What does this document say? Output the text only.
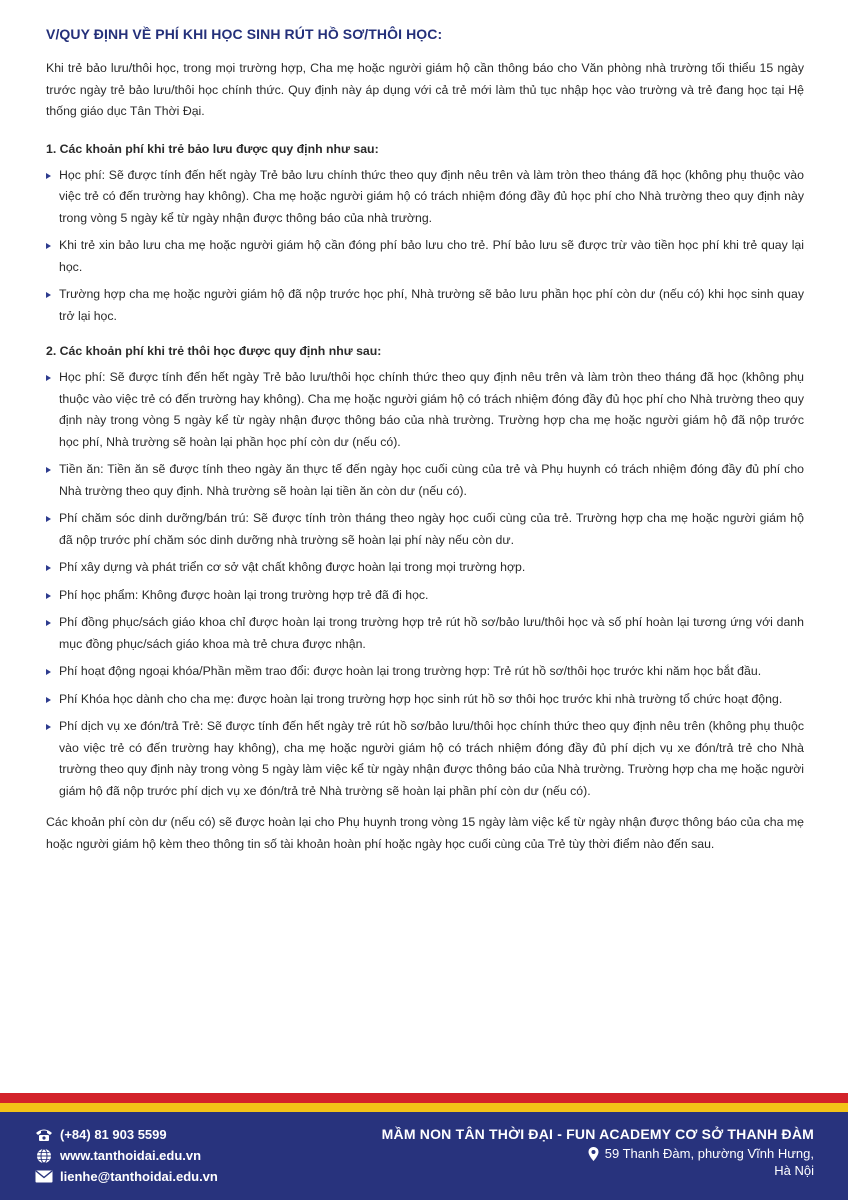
V/QUY ĐỊNH VỀ PHÍ KHI HỌC SINH RÚT HỒ SƠ/THÔI HỌC:

Khi trẻ bảo lưu/thôi học, trong mọi trường hợp, Cha mẹ hoặc người giám hộ cần thông báo cho Văn phòng nhà trường tối thiểu 15 ngày trước ngày trẻ bảo lưu/thôi học chính thức. Quy định này áp dụng với cả trẻ mới làm thủ tục nhập học vào trường và trẻ đang học tại Hệ thống giáo dục Tân Thời Đại.

1. Các khoản phí khi trẻ bảo lưu được quy định như sau:
Học phí: Sẽ được tính đến hết ngày Trẻ bảo lưu chính thức theo quy định nêu trên và làm tròn theo tháng đã học (không phụ thuộc vào việc trẻ có đến trường hay không). Cha mẹ hoặc người giám hộ có trách nhiệm đóng đầy đủ học phí cho Nhà trường theo quy định này trong vòng 5 ngày kể từ ngày nhận được thông báo của nhà trường.
Khi trẻ xin bảo lưu cha mẹ hoặc người giám hộ cần đóng phí bảo lưu cho trẻ. Phí bảo lưu sẽ được trừ vào tiền học phí khi trẻ quay lại học.
Trường hợp cha mẹ hoặc người giám hộ đã nộp trước học phí, Nhà trường sẽ bảo lưu phần học phí còn dư (nếu có) khi học sinh quay trở lại học.
2. Các khoản phí khi trẻ thôi học được quy định như sau:
Học phí: Sẽ được tính đến hết ngày Trẻ bảo lưu/thôi học chính thức theo quy định nêu trên và làm tròn theo tháng đã học (không phụ thuộc vào việc trẻ có đến trường hay không). Cha mẹ hoặc người giám hộ có trách nhiệm đóng đầy đủ học phí cho Nhà trường theo quy định này trong vòng 5 ngày kể từ ngày nhận được thông báo của nhà trường. Trường hợp cha mẹ hoặc người giám hộ đã nộp trước học phí, Nhà trường sẽ hoàn lại phần học phí còn dư (nếu có).
Tiền ăn: Tiền ăn sẽ được tính theo ngày ăn thực tế đến ngày học cuối cùng của trẻ và Phụ huynh có trách nhiệm đóng đầy đủ phí cho Nhà trường theo quy định. Nhà trường sẽ hoàn lại tiền ăn còn dư (nếu có).
Phí chăm sóc dinh dưỡng/bán trú: Sẽ được tính tròn tháng theo ngày học cuối cùng của trẻ. Trường hợp cha mẹ hoặc người giám hộ đã nộp trước phí chăm sóc dinh dưỡng nhà trường sẽ hoàn lại phí này nếu còn dư.
Phí xây dựng và phát triển cơ sở vật chất không được hoàn lại trong mọi trường hợp.
Phí học phẩm: Không được hoàn lại trong trường hợp trẻ đã đi học.
Phí đồng phục/sách giáo khoa chỉ được hoàn lại trong trường hợp trẻ rút hồ sơ/bảo lưu/thôi học và số phí hoàn lại tương ứng với danh mục đồng phục/sách giáo khoa mà trẻ chưa được nhận.
Phí hoạt động ngoại khóa/Phần mềm trao đổi: được hoàn lại trong trường hợp: Trẻ rút hồ sơ/thôi học trước khi năm học bắt đầu.
Phí Khóa học dành cho cha mẹ: được hoàn lại trong trường hợp học sinh rút hồ sơ thôi học trước khi nhà trường tổ chức hoạt động.
Phí dịch vụ xe đón/trả Trẻ: Sẽ được tính đến hết ngày trẻ rút hồ sơ/bảo lưu/thôi học chính thức theo quy định nêu trên (không phụ thuộc vào việc trẻ có đến trường hay không), cha mẹ hoặc người giám hộ có trách nhiệm đóng đầy đủ phí dịch vụ xe đón/trả trẻ cho Nhà trường theo quy định này trong vòng 5 ngày làm việc kể từ ngày nhận được thông báo của Nhà trường. Trường hợp cha mẹ hoặc người giám hộ đã nộp trước phí dịch vụ xe đón/trả trẻ Nhà trường sẽ hoàn lại phần phí còn dư (nếu có).

Các khoản phí còn dư (nếu có) sẽ được hoàn lại cho Phụ huynh trong vòng 15 ngày làm việc kể từ ngày nhận được thông báo của cha mẹ hoặc người giám hộ kèm theo thông tin số tài khoản hoàn phí hoặc ngày học cuối cùng của Trẻ tùy thời điểm nào đến sau.

(+84) 81 903 5599
www.tanthoidai.edu.vn
lienhe@tanthoidai.edu.vn
MẦM NON TÂN THỜI ĐẠI - FUN ACADEMY CƠ SỞ THANH ĐÀM
59 Thanh Đàm, phường Vĩnh Hưng,
Hà Nội
